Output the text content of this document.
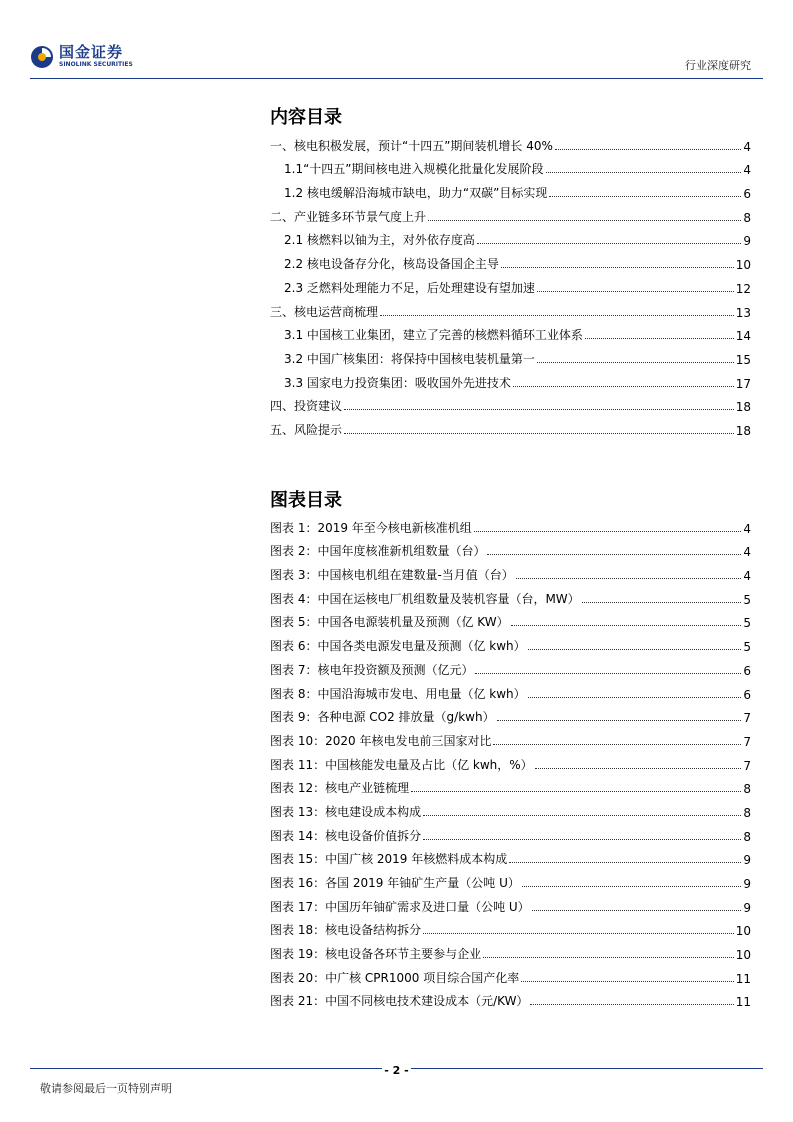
国金证券
SINOLINK SECURITIES	行业深度研究
内容目录
一、核电积极发展，预计“十四五”期间装机增长 40%	4
1.1“十四五”期间核电进入规模化批量化发展阶段	4
1.2 核电缓解沿海城市缺电，助力“双碳”目标实现	6
二、产业链多环节景气度上升	8
2.1 核燃料以铀为主，对外依存度高	9
2.2 核电设备存分化，核岛设备国企主导	10
2.3 乏燃料处理能力不足，后处理建设有望加速	12
三、核电运营商梳理	13
3.1 中国核工业集团，建立了完善的核燃料循环工业体系	14
3.2 中国广核集团：将保持中国核电装机量第一	15
3.3 国家电力投资集团：吸收国外先进技术	17
四、投资建议	18
五、风险提示	18
图表目录
图表 1：2019 年至今核电新核准机组	4
图表 2：中国年度核准新机组数量（台）	4
图表 3：中国核电机组在建数量-当月值（台）	4
图表 4：中国在运核电厂机组数量及装机容量（台，MW）	5
图表 5：中国各电源装机量及预测（亿 KW）	5
图表 6：中国各类电源发电量及预测（亿 kwh）	5
图表 7：核电年投资额及预测（亿元）	6
图表 8：中国沿海城市发电、用电量（亿 kwh）	6
图表 9：各种电源 CO2 排放量（g/kwh）	7
图表 10：2020 年核电发电前三国家对比	7
图表 11：中国核能发电量及占比（亿 kwh，%）	7
图表 12：核电产业链梳理	8
图表 13：核电建设成本构成	8
图表 14：核电设备价值拆分	8
图表 15：中国广核 2019 年核燃料成本构成	9
图表 16：各国 2019 年铀矿生产量（公吨 U）	9
图表 17：中国历年铀矿需求及进口量（公吨 U）	9
图表 18：核电设备结构拆分	10
图表 19：核电设备各环节主要参与企业	10
图表 20：中广核 CPR1000 项目综合国产化率	11
图表 21：中国不同核电技术建设成本（元/KW）	11
- 2 -
敬请参阅最后一页特别声明
